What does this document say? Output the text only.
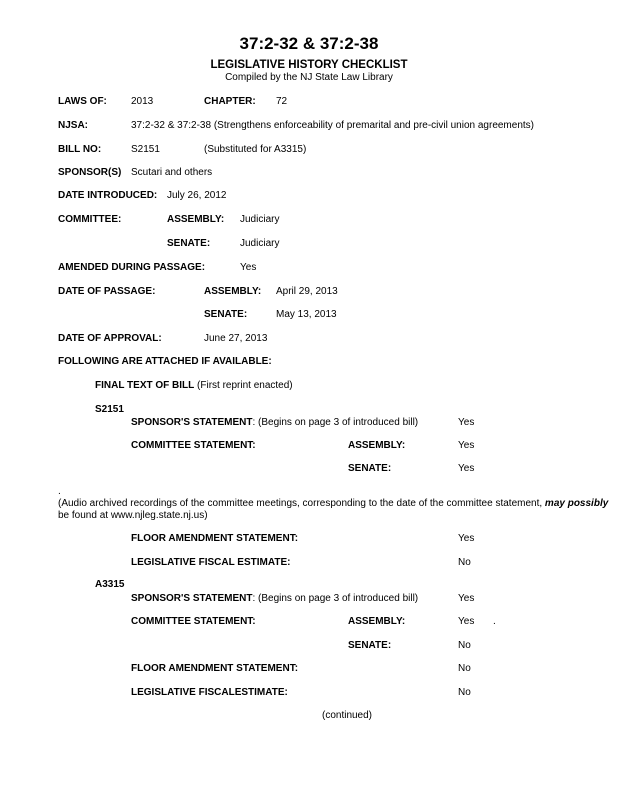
37:2-32 & 37:2-38
LEGISLATIVE HISTORY CHECKLIST
Compiled by the NJ State Law Library
LAWS OF: 2013	CHAPTER: 72
NJSA:	37:2-32 & 37:2-38 (Strengthens enforceability of premarital and pre-civil union agreements)
BILL NO:	S2151	(Substituted for A3315)
SPONSOR(S) Scutari and others
DATE INTRODUCED: July 26, 2012
COMMITTEE:	ASSEMBLY: Judiciary
SENATE:	Judiciary
AMENDED DURING PASSAGE:	Yes
DATE OF PASSAGE:	ASSEMBLY: April 29, 2013
SENATE:	May 13, 2013
DATE OF APPROVAL:	June 27, 2013
FOLLOWING ARE ATTACHED IF AVAILABLE:
FINAL TEXT OF BILL (First reprint enacted)
S2151
SPONSOR'S STATEMENT: (Begins on page 3 of introduced bill)	Yes
COMMITTEE STATEMENT:	ASSEMBLY:	Yes
SENATE:	Yes
.
(Audio archived recordings of the committee meetings, corresponding to the date of the committee statement, may possibly
be found at www.njleg.state.nj.us)
FLOOR AMENDMENT STATEMENT:	Yes
LEGISLATIVE FISCAL ESTIMATE:	No
A3315
SPONSOR'S STATEMENT: (Begins on page 3 of introduced bill)	Yes
COMMITTEE STATEMENT:	ASSEMBLY:	Yes .
SENATE:	No
FLOOR AMENDMENT STATEMENT:	No
LEGISLATIVE FISCALESTIMATE:	No
(continued)
